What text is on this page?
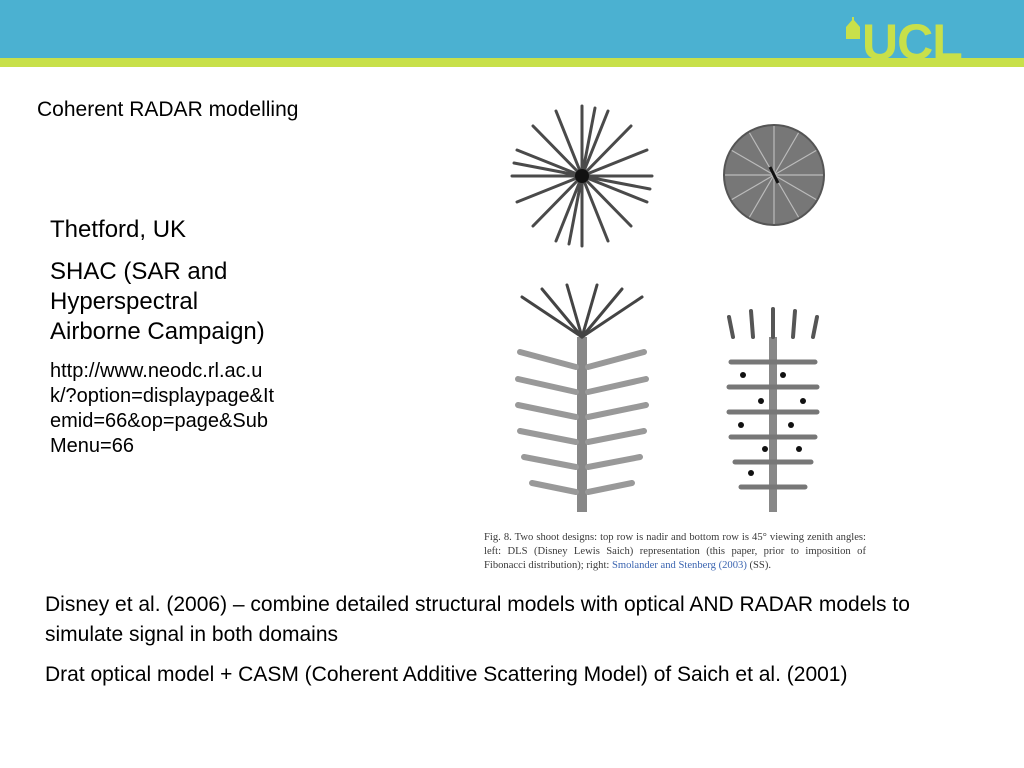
UCL
Coherent RADAR modelling

Thetford, UK

SHAC (SAR and Hyperspectral Airborne Campaign)

http://www.neodc.rl.ac.uk/?option=displaypage&Itemid=66&op=page&SubMenu=66

Fig. 8. Two shoot designs: top row is nadir and bottom row is 45° viewing zenith angles: left: DLS (Disney Lewis Saich) representation (this paper, prior to imposition of Fibonacci distribution); right: Smolander and Stenberg (2003) (SS).

Disney et al. (2006) – combine detailed structural models with optical AND RADAR models to simulate signal in both domains

Drat optical model + CASM (Coherent Additive Scattering Model) of Saich et al. (2001)
